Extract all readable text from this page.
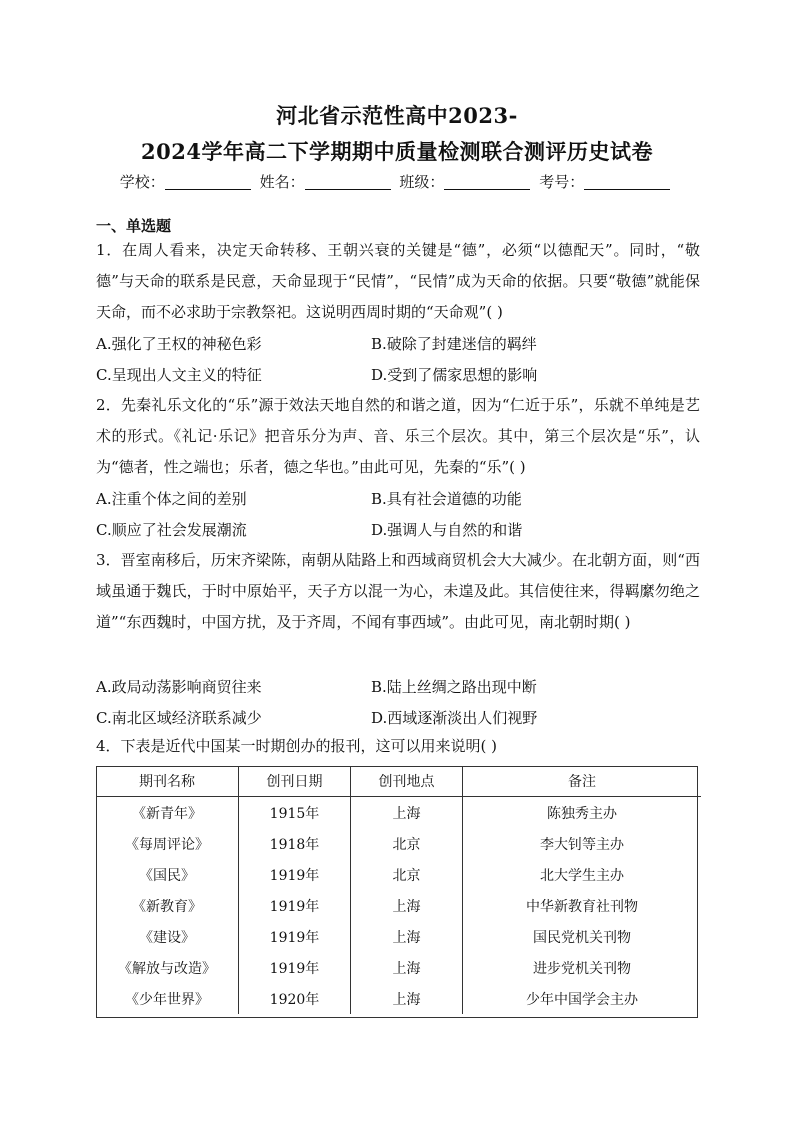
河北省示范性高中2023-
2024学年高二下学期期中质量检测联合测评历史试卷
学校：	姓名：	班级：	考号：
一、单选题
1．在周人看来，决定天命转移、王朝兴衰的关键是“德”，必须“以德配天”。同时，“敬德”与天命的联系是民意，天命显现于“民情”，“民情”成为天命的依据。只要“敬德”就能保天命，而不必求助于宗教祭祀。这说明西周时期的“天命观”( )
A.强化了王权的神秘色彩	B.破除了封建迷信的羁绊
C.呈现出人文主义的特征	D.受到了儒家思想的影响
2．先秦礼乐文化的“乐”源于效法天地自然的和谐之道，因为“仁近于乐”，乐就不单纯是艺术的形式。《礼记·乐记》把音乐分为声、音、乐三个层次。其中，第三个层次是“乐”，认为“德者，性之端也；乐者，德之华也。”由此可见，先秦的“乐”( )
A.注重个体之间的差别	B.具有社会道德的功能
C.顺应了社会发展潮流	D.强调人与自然的和谐
3．晋室南移后，历宋齐梁陈，南朝从陆路上和西域商贸机会大大减少。在北朝方面，则“西域虽通于魏氏，于时中原始平，天子方以混一为心，未遑及此。其信使往来，得羁縻勿绝之道”“东西魏时，中国方扰，及于齐周，不闻有事西域”。由此可见，南北朝时期( )
A.政局动荡影响商贸往来	B.陆上丝绸之路出现中断
C.南北区域经济联系减少	D.西域逐渐淡出人们视野
4．下表是近代中国某一时期创办的报刊，这可以用来说明( )
期刊名称	创刊日期	创刊地点	备注
《新青年》	1915年	上海	陈独秀主办
《每周评论》	1918年	北京	李大钊等主办
《国民》	1919年	北京	北大学生主办
《新教育》	1919年	上海	中华新教育社刊物
《建设》	1919年	上海	国民党机关刊物
《解放与改造》	1919年	上海	进步党机关刊物
《少年世界》	1920年	上海	少年中国学会主办
